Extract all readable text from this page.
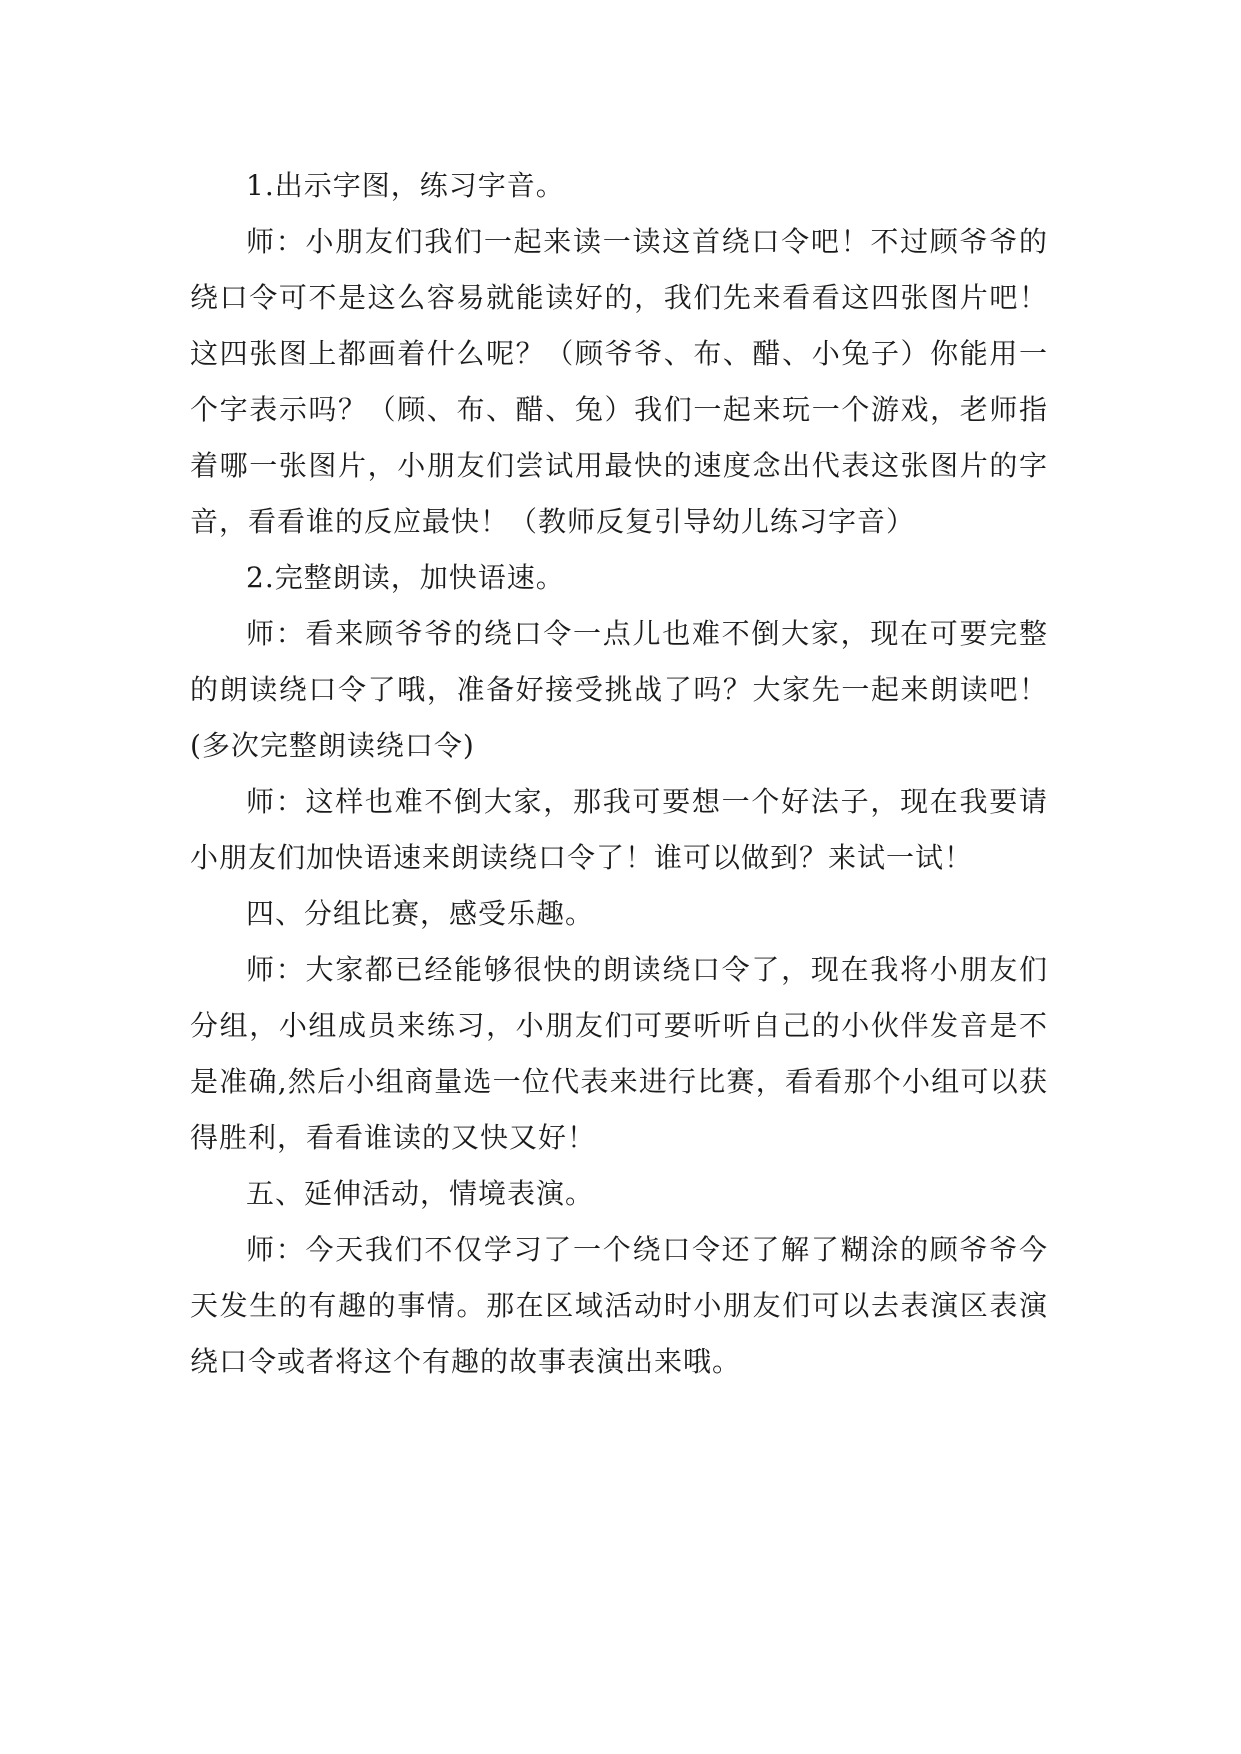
1.出示字图，练习字音。

师：小朋友们我们一起来读一读这首绕口令吧！不过顾爷爷的绕口令可不是这么容易就能读好的，我们先来看看这四张图片吧！这四张图上都画着什么呢？（顾爷爷、布、醋、小兔子）你能用一个字表示吗？（顾、布、醋、兔）我们一起来玩一个游戏，老师指着哪一张图片，小朋友们尝试用最快的速度念出代表这张图片的字音，看看谁的反应最快！（教师反复引导幼儿练习字音）

2.完整朗读，加快语速。

师：看来顾爷爷的绕口令一点儿也难不倒大家，现在可要完整的朗读绕口令了哦，准备好接受挑战了吗？大家先一起来朗读吧！(多次完整朗读绕口令)

师：这样也难不倒大家，那我可要想一个好法子，现在我要请小朋友们加快语速来朗读绕口令了！谁可以做到？来试一试！

四、分组比赛，感受乐趣。

师：大家都已经能够很快的朗读绕口令了，现在我将小朋友们分组，小组成员来练习，小朋友们可要听听自己的小伙伴发音是不是准确,然后小组商量选一位代表来进行比赛，看看那个小组可以获得胜利，看看谁读的又快又好！

五、延伸活动，情境表演。

师：今天我们不仅学习了一个绕口令还了解了糊涂的顾爷爷今天发生的有趣的事情。那在区域活动时小朋友们可以去表演区表演绕口令或者将这个有趣的故事表演出来哦。
